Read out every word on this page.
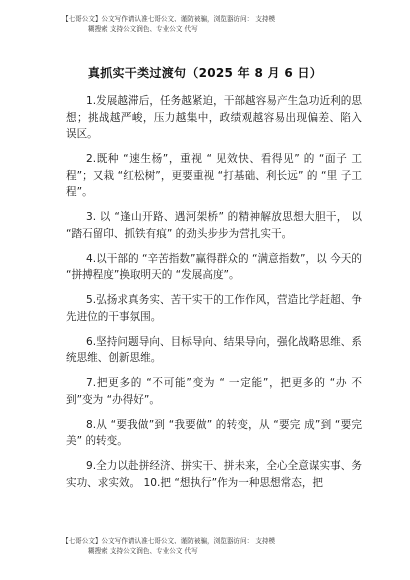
【七哥公文】公文写作请认准七哥公文、谨防被骗，浏览器访问： 支持模
糊搜索 支持公文润色、专业公文 代写
真抓实干类过渡句（2025 年 8 月 6 日）

1.发展越滞后，任务越紧迫，干部越容易产生急功近利的思想；挑战越严峻，压力越集中，政绩观越容易出现偏差、陷入误区。

2.既种 “速生杨”，重视 “ 见效快、看得见” 的 “面子 工程”；又栽 “红松树”，更要重视 “打基础、利长远” 的 “里 子工程”。

3. 以 “逢山开路、遇河架桥” 的精神解放思想大胆干， 以 “踏石留印、抓铁有痕” 的劲头步步为营扎实干。

4.以干部的 “辛苦指数”赢得群众的 “满意指数”，以 今天的 “拼搏程度”换取明天的 “发展高度”。

5.弘扬求真务实、苦干实干的工作作风，营造比学赶超、争先进位的干事氛围。

6.坚持问题导向、目标导向、结果导向，强化战略思维、系统思维、创新思维。

7.把更多的 “不可能”变为 “ 一定能”，把更多的 “办 不到”变为 “办得好”。

8.从 “要我做”到 “我要做” 的转变，从 “要完 成”到 “要完美” 的转变。

9.全力以赴拼经济、拼实干、拼未来，全心全意谋实事、务实功、求实效。 10.把 “想执行”作为一种思想常态，把

【七哥公文】公文写作请认准七哥公文、谨防被骗，浏览器访问： 支持模
糊搜索 支持公文润色、专业公文 代写
